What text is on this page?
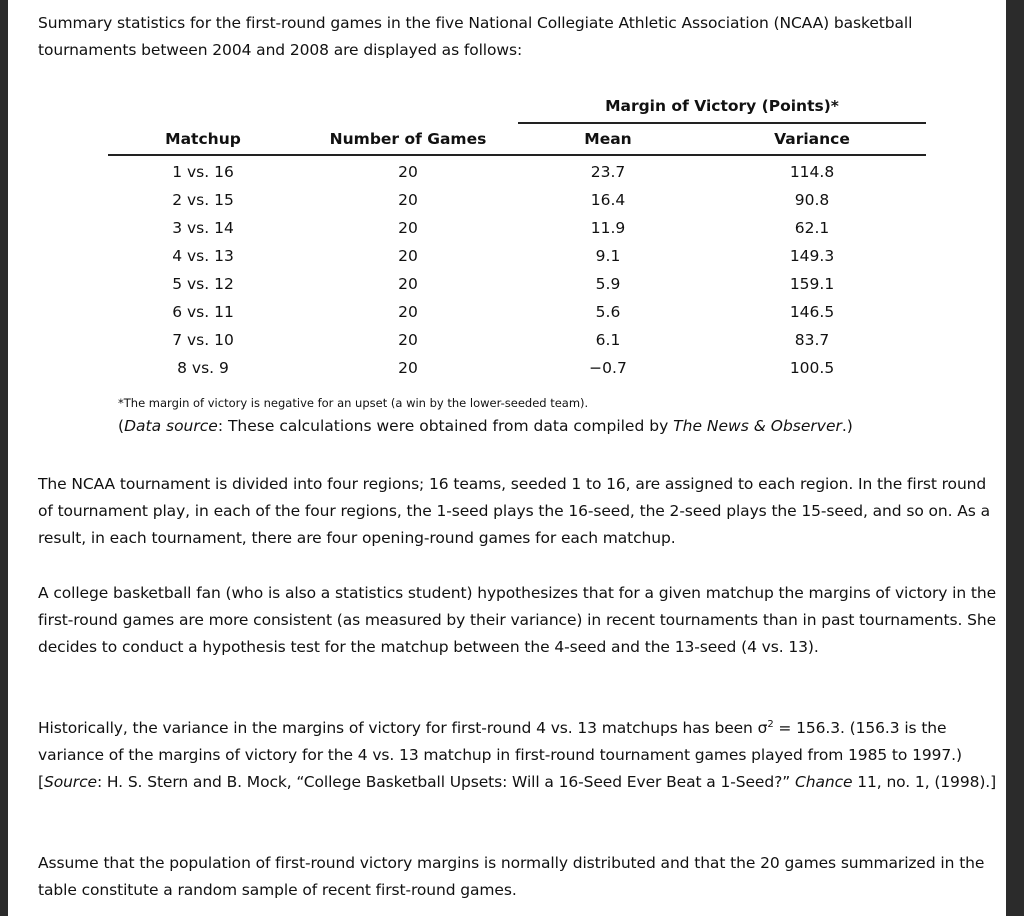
Summary statistics for the first-round games in the five National Collegiate Athletic Association (NCAA) basketball tournaments between 2004 and 2008 are displayed as follows:

		Margin of Victory (Points)*	
Matchup	Number of Games	Mean	Variance
1 vs. 16	20	23.7	114.8
2 vs. 15	20	16.4	90.8
3 vs. 14	20	11.9	62.1
4 vs. 13	20	9.1	149.3
5 vs. 12	20	5.9	159.1
6 vs. 11	20	5.6	146.5
7 vs. 10	20	6.1	83.7
8 vs. 9	20	−0.7	100.5

*The margin of victory is negative for an upset (a win by the lower-seeded team).

(Data source: These calculations were obtained from data compiled by The News & Observer.)

The NCAA tournament is divided into four regions; 16 teams, seeded 1 to 16, are assigned to each region. In the first round of tournament play, in each of the four regions, the 1-seed plays the 16-seed, the 2-seed plays the 15-seed, and so on. As a result, in each tournament, there are four opening-round games for each matchup.

A college basketball fan (who is also a statistics student) hypothesizes that for a given matchup the margins of victory in the first-round games are more consistent (as measured by their variance) in recent tournaments than in past tournaments. She decides to conduct a hypothesis test for the matchup between the 4-seed and the 13-seed (4 vs. 13).

Historically, the variance in the margins of victory for first-round 4 vs. 13 matchups has been $\sigma^2 = 156.3$. (156.3 is the variance of the margins of victory for the 4 vs. 13 matchup in first-round tournament games played from 1985 to 1997.) [Source: H. S. Stern and B. Mock, “College Basketball Upsets: Will a 16-Seed Ever Beat a 1-Seed?” Chance 11, no. 1, (1998).]

Assume that the population of first-round victory margins is normally distributed and that the 20 games summarized in the table constitute a random sample of recent first-round games.
